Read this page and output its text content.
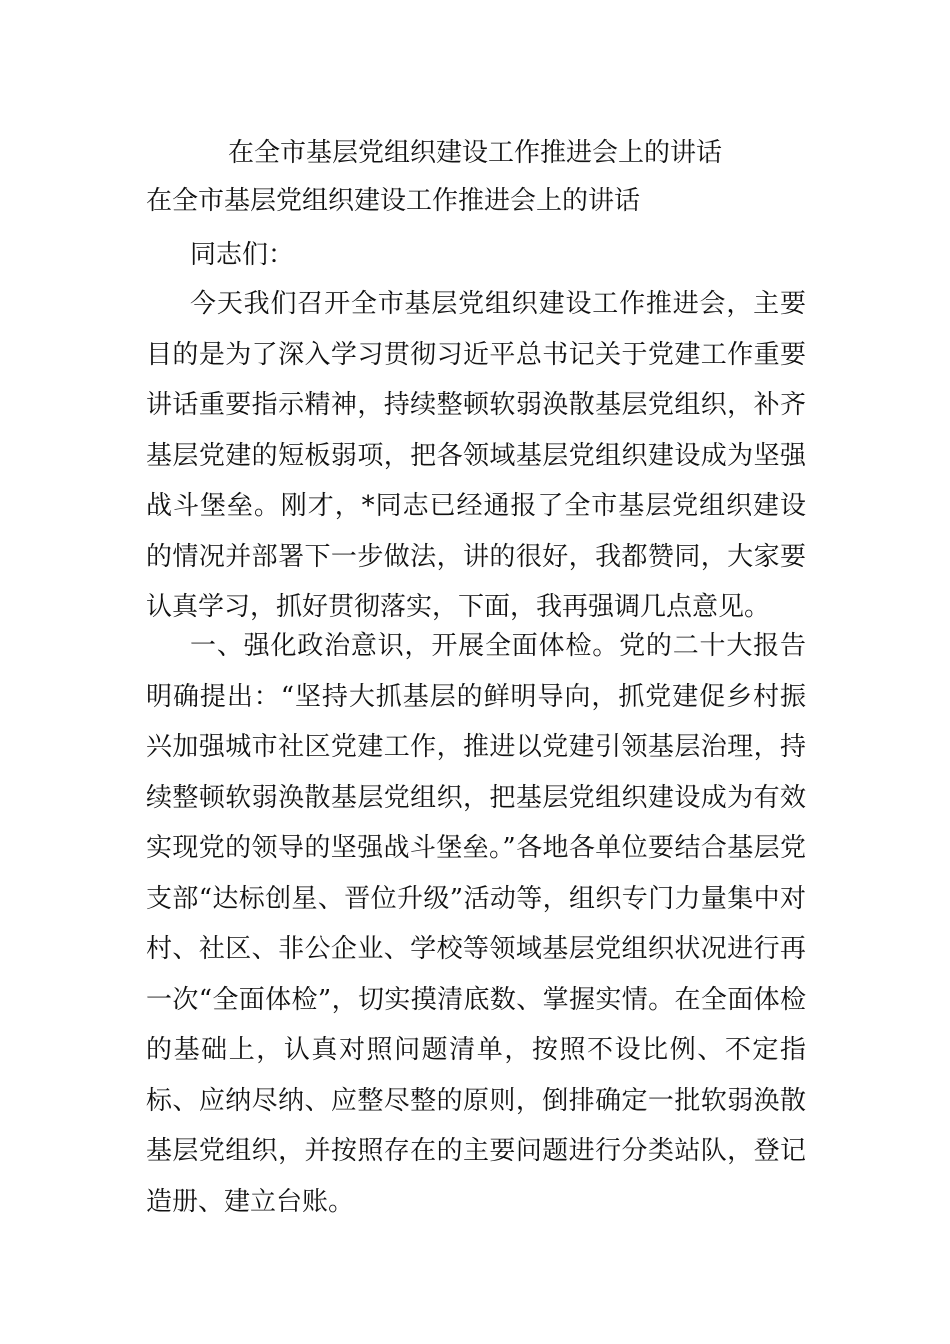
在全市基层党组织建设工作推进会上的讲话
在全市基层党组织建设工作推进会上的讲话

同志们：

今天我们召开全市基层党组织建设工作推进会，主要目的是为了深入学习贯彻习近平总书记关于党建工作重要讲话重要指示精神，持续整顿软弱涣散基层党组织，补齐基层党建的短板弱项，把各领域基层党组织建设成为坚强战斗堡垒。刚才，*同志已经通报了全市基层党组织建设的情况并部署下一步做法，讲的很好，我都赞同，大家要认真学习，抓好贯彻落实，下面，我再强调几点意见。

一、强化政治意识，开展全面体检。党的二十大报告明确提出：“坚持大抓基层的鲜明导向，抓党建促乡村振兴加强城市社区党建工作，推进以党建引领基层治理，持续整顿软弱涣散基层党组织，把基层党组织建设成为有效实现党的领导的坚强战斗堡垒。”各地各单位要结合基层党支部“达标创星、晋位升级”活动等，组织专门力量集中对村、社区、非公企业、学校等领域基层党组织状况进行再一次“全面体检”，切实摸清底数、掌握实情。在全面体检的基础上，认真对照问题清单，按照不设比例、不定指标、应纳尽纳、应整尽整的原则，倒排确定一批软弱涣散基层党组织，并按照存在的主要问题进行分类站队，登记造册、建立台账。
